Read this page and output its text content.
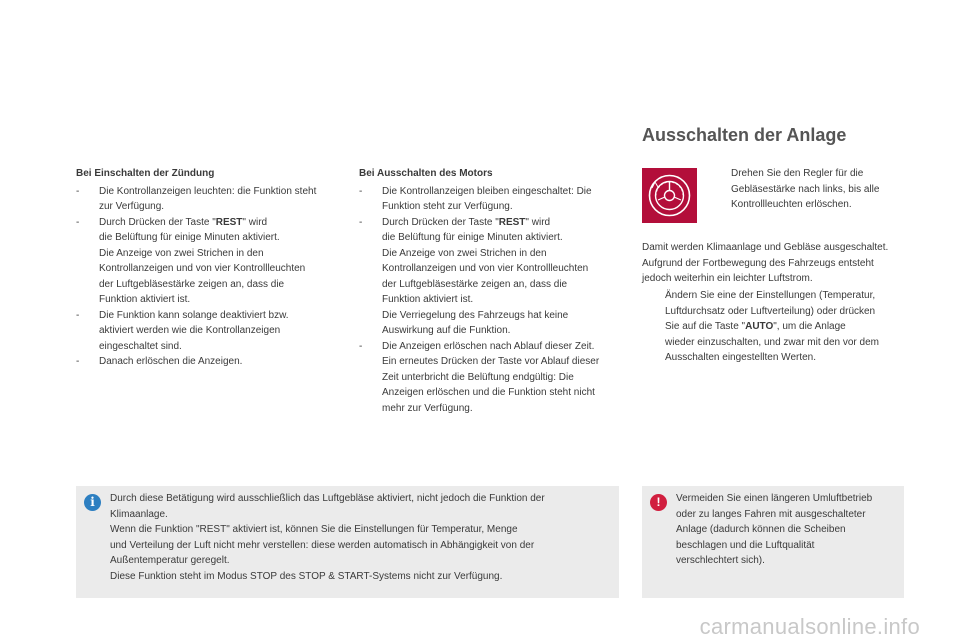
Bei Einschalten der Zündung
- Die Kontrollanzeigen leuchten: die Funktion steht
zur Verfügung.
- Durch Drücken der Taste "REST" wird
die Belüftung für einige Minuten aktiviert.
Die Anzeige von zwei Strichen in den
Kontrollanzeigen und von vier Kontrollleuchten
der Luftgebläsestärke zeigen an, dass die
Funktion aktiviert ist.
- Die Funktion kann solange deaktiviert bzw.
aktiviert werden wie die Kontrollanzeigen
eingeschaltet sind.
- Danach erlöschen die Anzeigen.
Bei Ausschalten des Motors
- Die Kontrollanzeigen bleiben eingeschaltet: Die
Funktion steht zur Verfügung.
- Durch Drücken der Taste "REST" wird
die Belüftung für einige Minuten aktiviert.
Die Anzeige von zwei Strichen in den
Kontrollanzeigen und von vier Kontrollleuchten
der Luftgebläsestärke zeigen an, dass die
Funktion aktiviert ist.
Die Verriegelung des Fahrzeugs hat keine
Auswirkung auf die Funktion.
- Die Anzeigen erlöschen nach Ablauf dieser Zeit.
Ein erneutes Drücken der Taste vor Ablauf dieser
Zeit unterbricht die Belüftung endgültig: Die
Anzeigen erlöschen und die Funktion steht nicht
mehr zur Verfügung.
Ausschalten der Anlage
Drehen Sie den Regler für die
Gebläsestärke nach links, bis alle
Kontrollleuchten erlöschen.
Damit werden Klimaanlage und Gebläse ausgeschaltet.
Aufgrund der Fortbewegung des Fahrzeugs entsteht
jedoch weiterhin ein leichter Luftstrom.
Ändern Sie eine der Einstellungen (Temperatur,
Luftdurchsatz oder Luftverteilung) oder drücken
Sie auf die Taste "AUTO", um die Anlage
wieder einzuschalten, und zwar mit den vor dem
Ausschalten eingestellten Werten.
i	Durch diese Betätigung wird ausschließlich das Luftgebläse aktiviert, nicht jedoch die Funktion der
Klimaanlage.
Wenn die Funktion "REST" aktiviert ist, können Sie die Einstellungen für Temperatur, Menge
und Verteilung der Luft nicht mehr verstellen: diese werden automatisch in Abhängigkeit von der
Außentemperatur geregelt.
Diese Funktion steht im Modus STOP des STOP & START-Systems nicht zur Verfügung.
!	Vermeiden Sie einen längeren Umluftbetrieb
oder zu langes Fahren mit ausgeschalteter
Anlage (dadurch können die Scheiben
beschlagen und die Luftqualität
verschlechtert sich).
carmanualsonline.info
